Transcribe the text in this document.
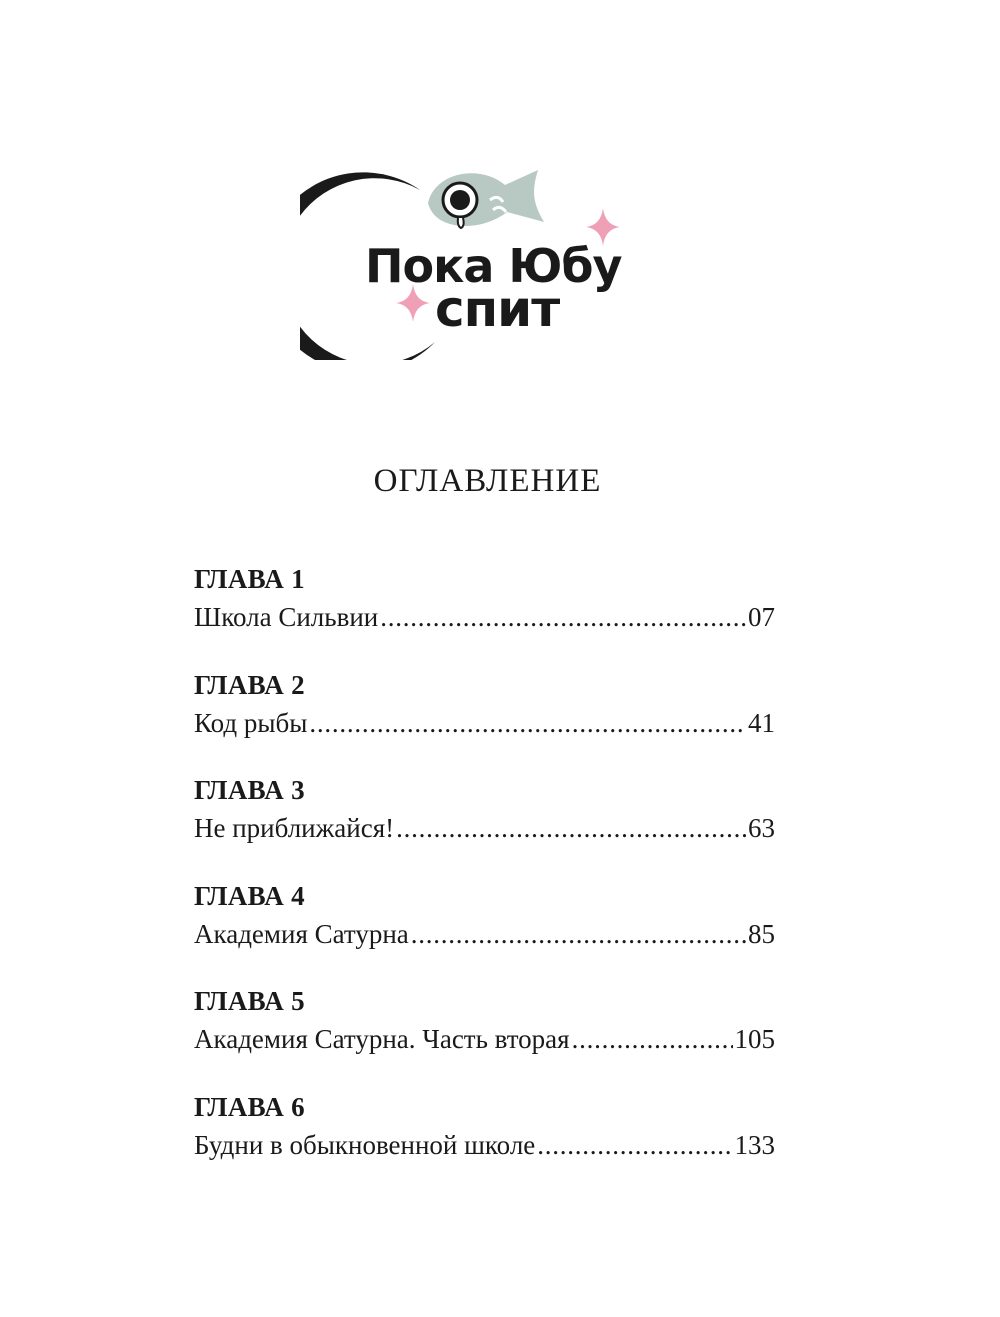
Пока Юбу
спит
ОГЛАВЛЕНИЕ
ГЛАВА 1
Школа Сильвии . . .	07
ГЛАВА 2
Код рыбы . . .	41
ГЛАВА 3
Не приближайся! . . .	63
ГЛАВА 4
Академия Сатурна . . .	85
ГЛАВА 5
Академия Сатурна. Часть вторая . . .	105
ГЛАВА 6
Будни в обыкновенной школе . . .	133
